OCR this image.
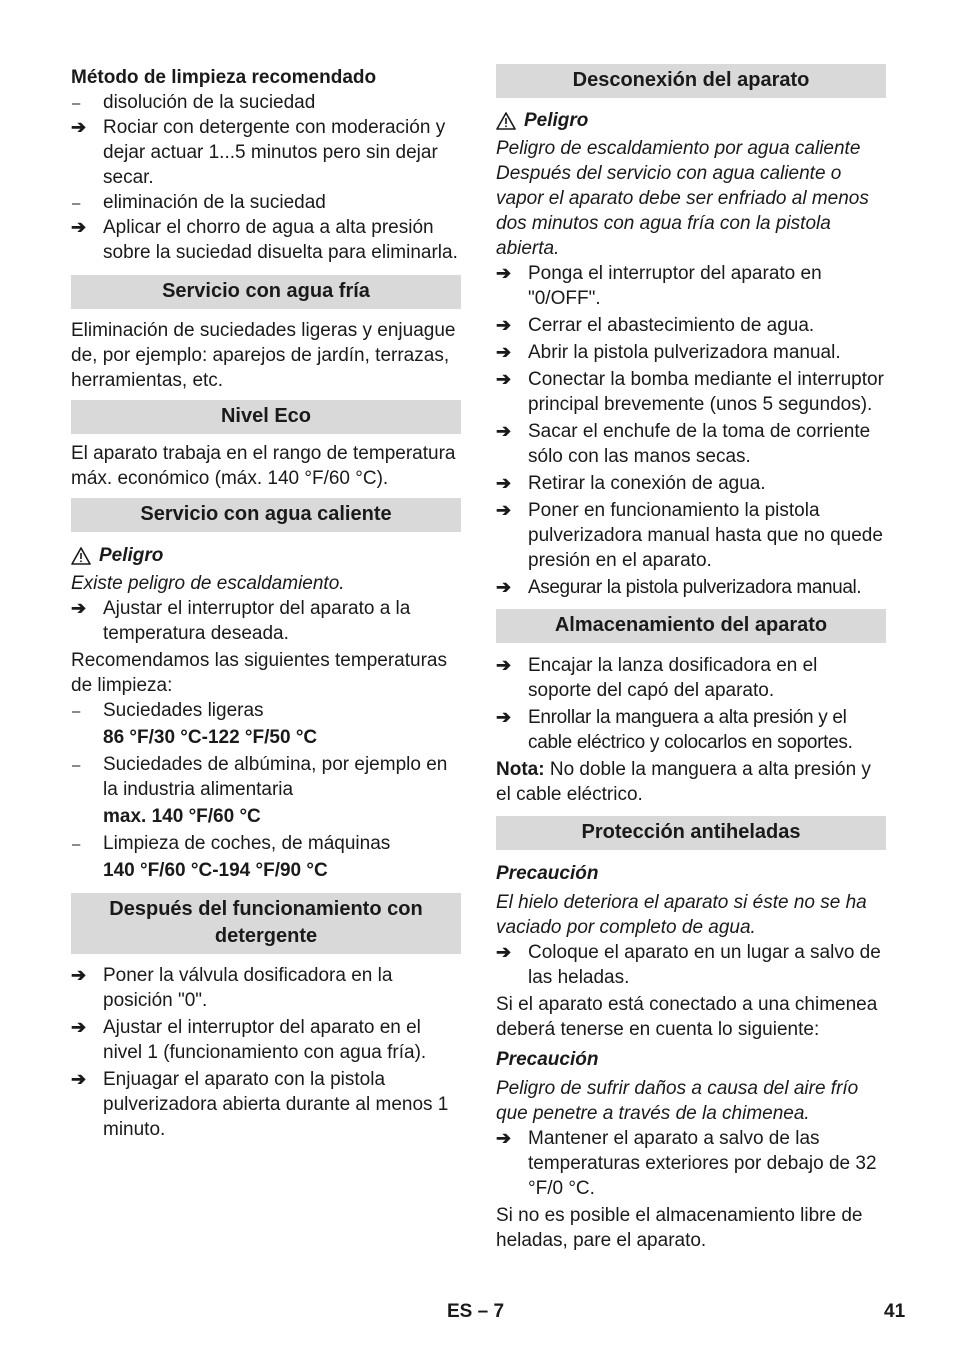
Método de limpieza recomendado

–
disolución de la suciedad
➔ Rociar con detergente con moderación y dejar actuar 1...5 minutos pero sin dejar secar.
–
eliminación de la suciedad
➔ Aplicar el chorro de agua a alta presión sobre la suciedad disuelta para eliminarla.
Servicio con agua fría

Eliminación de suciedades ligeras y enjuague de, por ejemplo: aparejos de jardín, terrazas, herramientas, etc.

Nivel Eco

El aparato trabaja en el rango de temperatura máx. económico (máx. 140 °F/60 °C).

Servicio con agua caliente
Peligro

Existe peligro de escaldamiento.

➔ Ajustar el interruptor del aparato a la temperatura deseada.

Recomendamos las siguientes temperaturas de limpieza:

–
Suciedades ligeras

86 °F/30 °C-122 °F/50 °C

–
Suciedades de albúmina, por ejemplo en la industria alimentaria

max. 140 °F/60 °C

–
Limpieza de coches, de máquinas

140 °F/60 °C-194 °F/90 °C

Después del funcionamiento con detergente
➔ Poner la válvula dosificadora en la posición "0".
➔ Ajustar el interruptor del aparato en el nivel 1 (funcionamiento con agua fría).
➔ Enjuagar el aparato con la pistola pulverizadora abierta durante al menos 1 minuto.
Desconexión del aparato
Peligro

Peligro de escaldamiento por agua caliente Después del servicio con agua caliente o vapor el aparato debe ser enfriado al menos dos minutos con agua fría con la pistola abierta.

➔ Ponga el interruptor del aparato en "0/OFF".
➔ Cerrar el abastecimiento de agua.
➔ Abrir la pistola pulverizadora manual.
➔ Conectar la bomba mediante el interruptor principal brevemente (unos 5 segundos).
➔ Sacar el enchufe de la toma de corriente sólo con las manos secas.
➔ Retirar la conexión de agua.
➔ Poner en funcionamiento la pistola pulverizadora manual hasta que no quede presión en el aparato.
➔ Asegurar la pistola pulverizadora manual.
Almacenamiento del aparato
➔ Encajar la lanza dosificadora en el soporte del capó del aparato.
➔ Enrollar la manguera a alta presión y el cable eléctrico y colocarlos en soportes.

Nota: No doble la manguera a alta presión y el cable eléctrico.

Protección antiheladas

Precaución

El hielo deteriora el aparato si éste no se ha vaciado por completo de agua.

➔ Coloque el aparato en un lugar a salvo de las heladas.

Si el aparato está conectado a una chimenea deberá tenerse en cuenta lo siguiente:

Precaución

Peligro de sufrir daños a causa del aire frío que penetre a través de la chimenea.

➔ Mantener el aparato a salvo de las temperaturas exteriores por debajo de 32 °F/0 °C.

Si no es posible el almacenamiento libre de heladas, pare el aparato.

ES – 7	41
